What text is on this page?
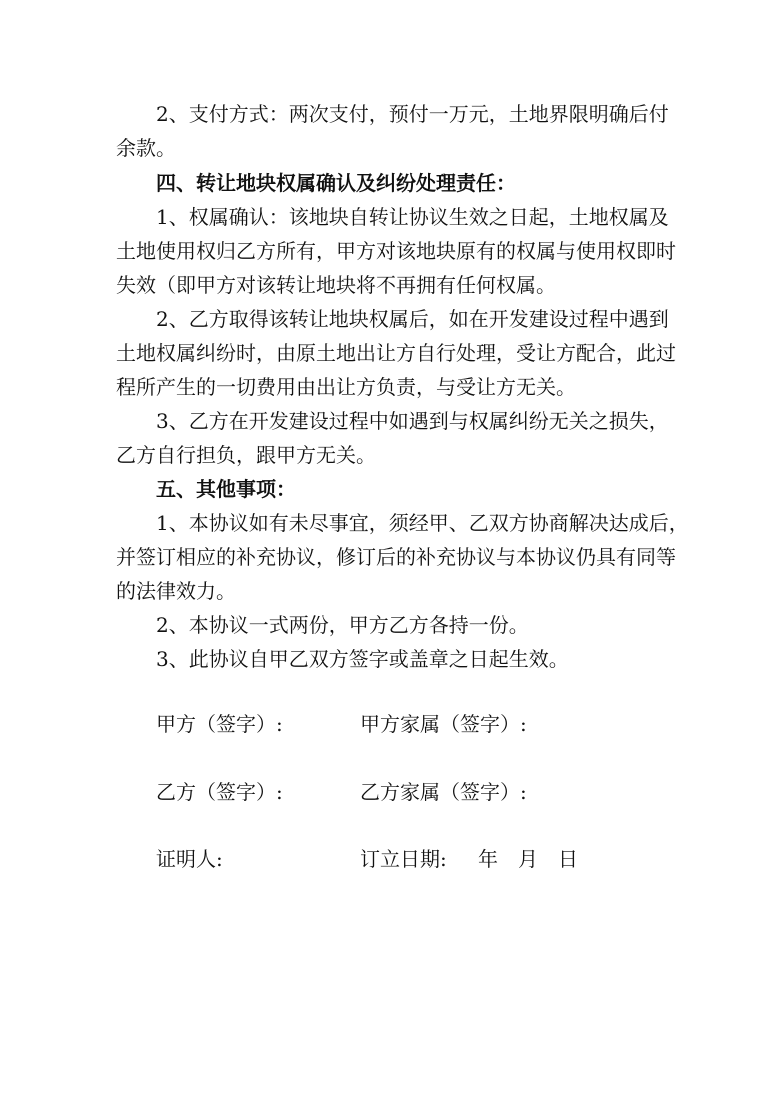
2、支付方式：两次支付，预付一万元，土地界限明确后付
余款。
四、转让地块权属确认及纠纷处理责任：
1、权属确认：该地块自转让协议生效之日起，土地权属及
土地使用权归乙方所有，甲方对该地块原有的权属与使用权即时
失效（即甲方对该转让地块将不再拥有任何权属。
2、乙方取得该转让地块权属后，如在开发建设过程中遇到
土地权属纠纷时，由原土地出让方自行处理，受让方配合，此过
程所产生的一切费用由出让方负责，与受让方无关。
3、乙方在开发建设过程中如遇到与权属纠纷无关之损失，
乙方自行担负，跟甲方无关。
五、其他事项：
1、本协议如有未尽事宜，须经甲、乙双方协商解决达成后，
并签订相应的补充协议，修订后的补充协议与本协议仍具有同等
的法律效力。
2、本协议一式两份，甲方乙方各持一份。
3、此协议自甲乙双方签字或盖章之日起生效。
甲方（签字）:	甲方家属（签字）:
乙方（签字）:	乙方家属（签字）:
证明人:	订立日期: 年 月 日
